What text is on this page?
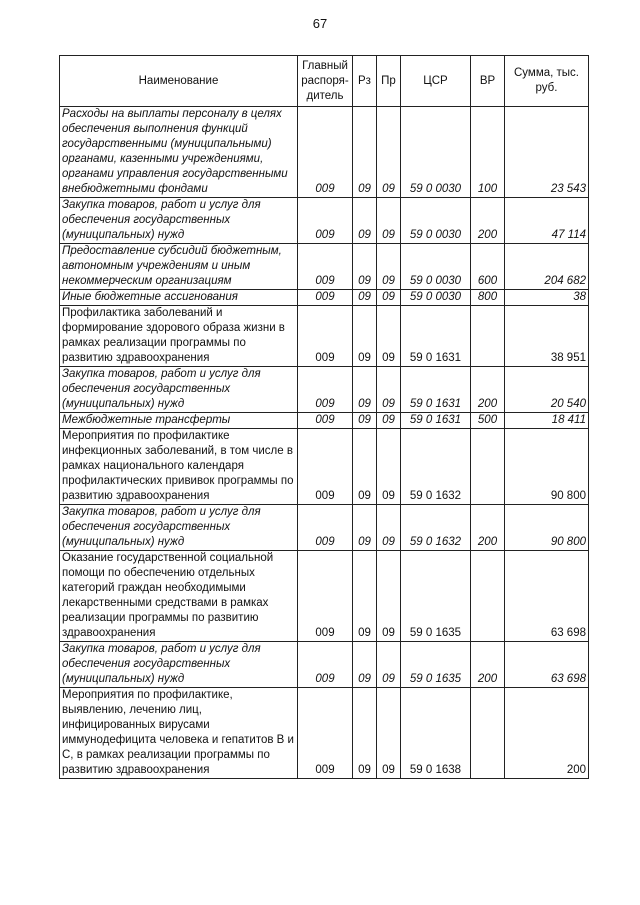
67
Наименование	Главный распоря-дитель	Рз	Пр	ЦСР	ВР	Сумма, тыс. руб.
Расходы на выплаты персоналу в целях обеспечения выполнения функций государственными (муниципальными) органами, казенными учреждениями, органами управления государственными внебюджетными фондами	009	09	09	59 0 0030	100	23 543
Закупка товаров, работ и услуг для обеспечения государственных (муниципальных) нужд	009	09	09	59 0 0030	200	47 114
Предоставление субсидий бюджетным, автономным учреждениям и иным некоммерческим организациям	009	09	09	59 0 0030	600	204 682
Иные бюджетные ассигнования	009	09	09	59 0 0030	800	38
Профилактика заболеваний и формирование здорового образа жизни в рамках реализации программы по развитию здравоохранения	009	09	09	59 0 1631		38 951
Закупка товаров, работ и услуг для обеспечения государственных (муниципальных) нужд	009	09	09	59 0 1631	200	20 540
Межбюджетные трансферты	009	09	09	59 0 1631	500	18 411
Мероприятия по профилактике инфекционных заболеваний, в том числе в рамках национального календаря профилактических прививок программы по развитию здравоохранения	009	09	09	59 0 1632		90 800
Закупка товаров, работ и услуг для обеспечения государственных (муниципальных) нужд	009	09	09	59 0 1632	200	90 800
Оказание государственной социальной помощи по обеспечению отдельных категорий граждан необходимыми лекарственными средствами в рамках реализации программы по развитию здравоохранения	009	09	09	59 0 1635		63 698
Закупка товаров, работ и услуг для обеспечения государственных (муниципальных) нужд	009	09	09	59 0 1635	200	63 698
Мероприятия по профилактике, выявлению, лечению лиц, инфицированных вирусами иммунодефицита человека и гепатитов В и С, в рамках реализации программы по развитию здравоохранения	009	09	09	59 0 1638		200
